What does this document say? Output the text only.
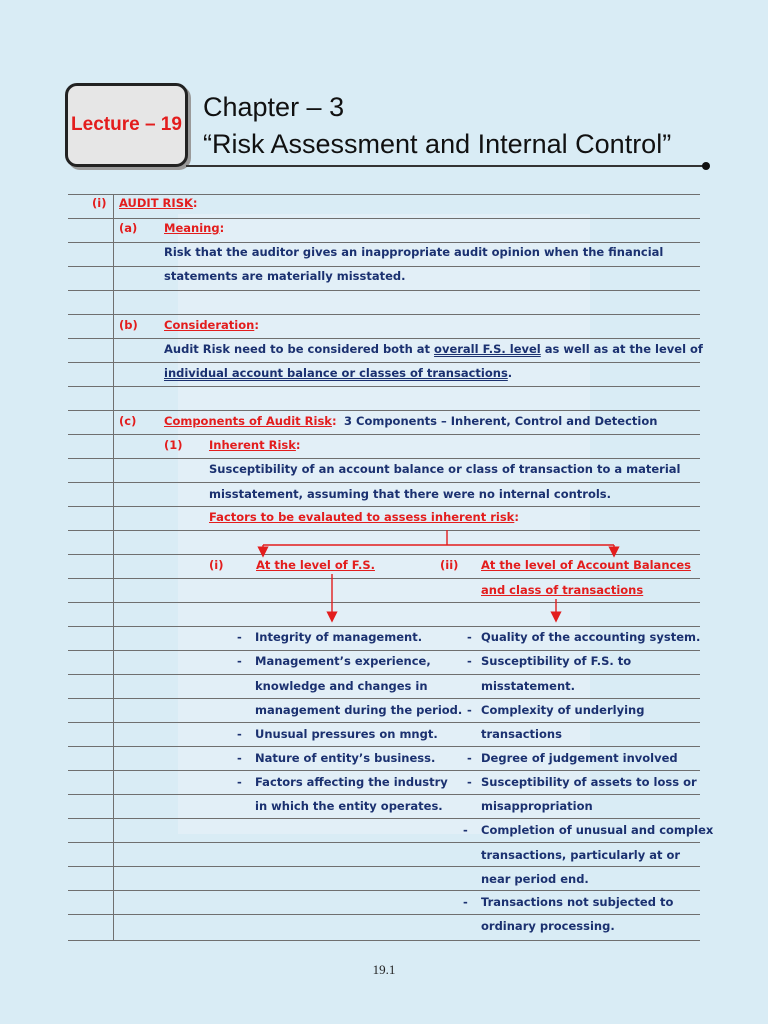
Lecture – 19
Chapter – 3
“Risk Assessment and Internal Control”
(i) AUDIT RISK:
(a) Meaning:
Risk that the auditor gives an inappropriate audit opinion when the financial
statements are materially misstated.
(b) Consideration:
Audit Risk need to be considered both at overall F.S. level as well as at the level of
individual account balance or classes of transactions.
(c) Components of Audit Risk: 3 Components – Inherent, Control and Detection
(1) Inherent Risk:
Susceptibility of an account balance or class of transaction to a material
misstatement, assuming that there were no internal controls.
Factors to be evalauted to assess inherent risk:
(i)	At the level of F.S.	(ii) At the level of Account Balances
and class of transactions
- Integrity of management.
- Management’s experience,
knowledge and changes in
management during the period.
- Unusual pressures on mngt.
- Nature of entity’s business.
- Factors affecting the industry
in which the entity operates.
- Quality of the accounting system.
- Susceptibility of F.S. to
misstatement.
- Complexity of underlying
transactions
- Degree of judgement involved
- Susceptibility of assets to loss or
misappropriation
- Completion of unusual and complex
transactions, particularly at or
near period end.
- Transactions not subjected to
ordinary processing.
19.1
